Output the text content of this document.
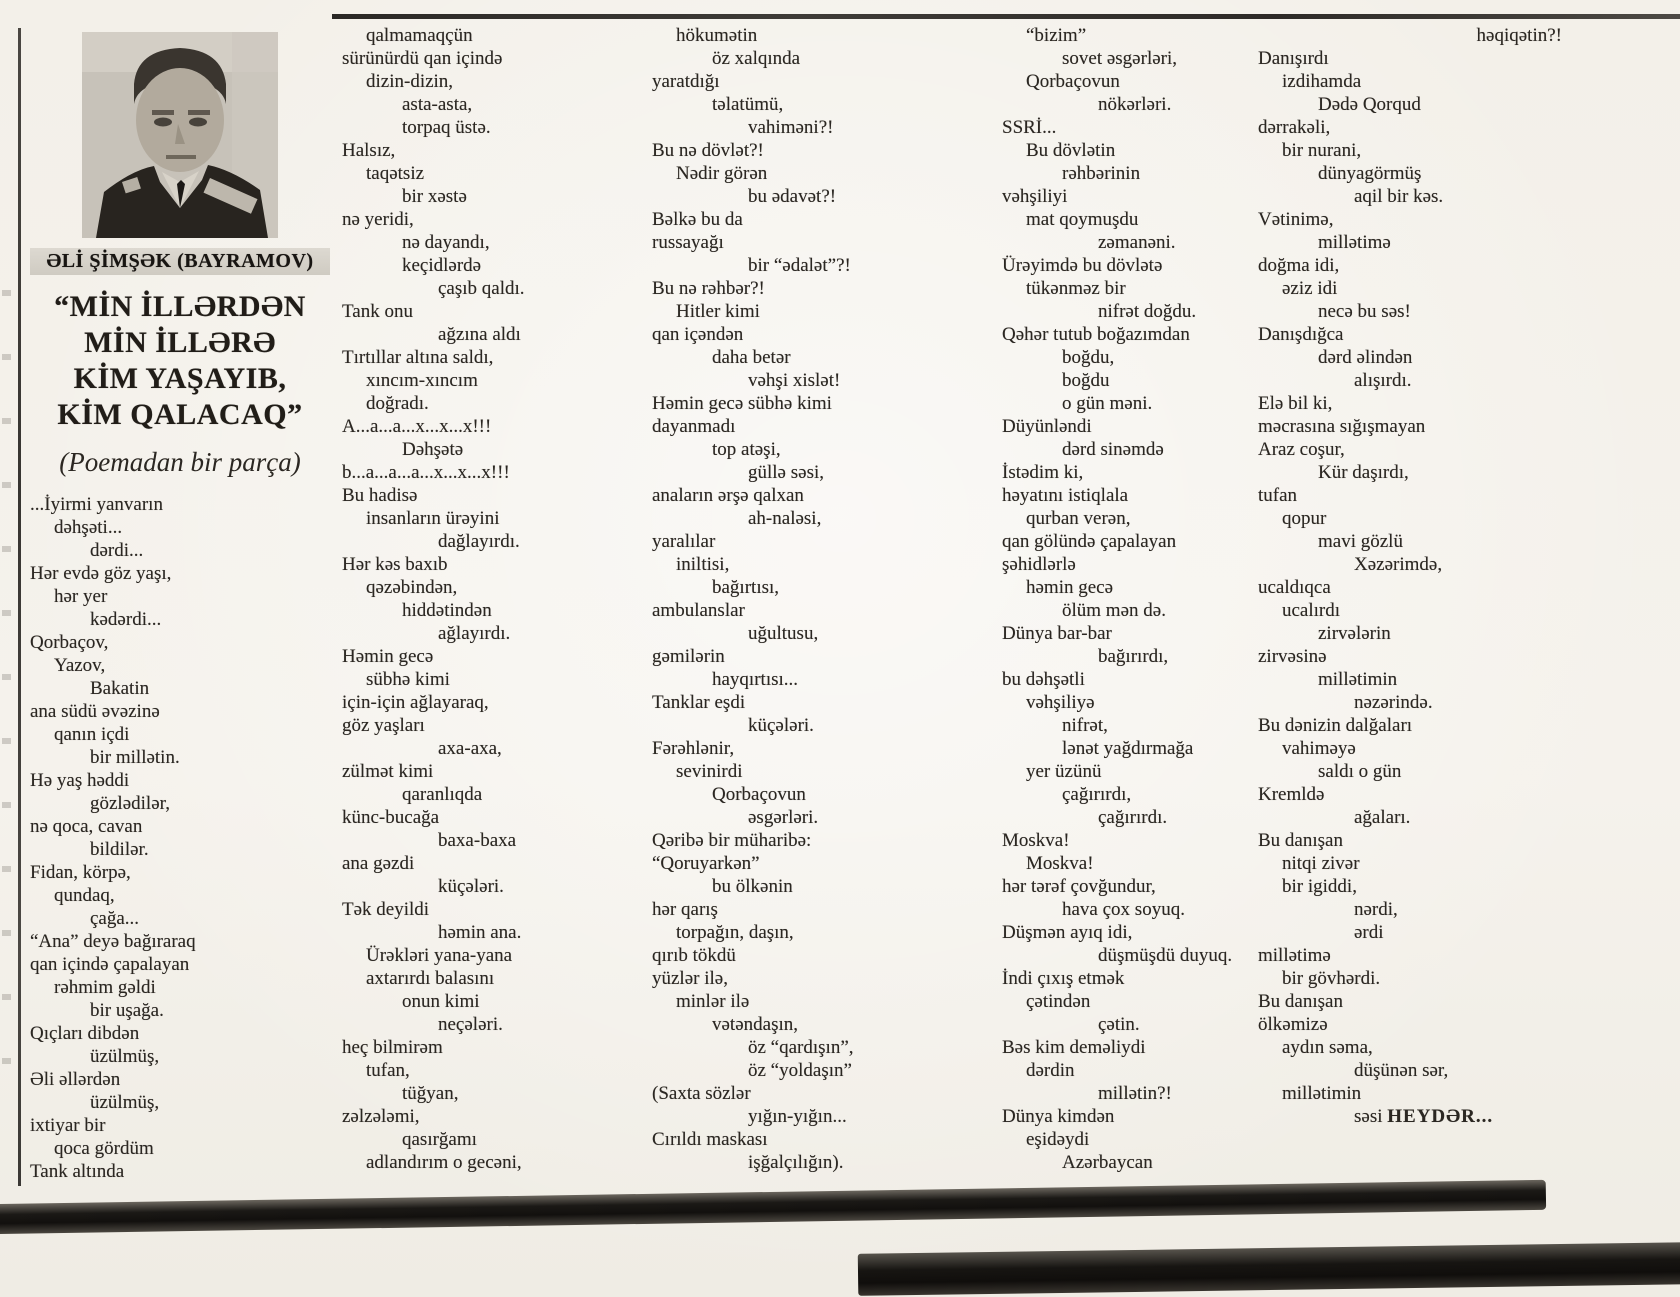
ƏLİ ŞİMŞƏK (BAYRAMOV)
“MİN İLLƏRDƏN
MİN İLLƏRƏ
KİM YAŞAYIB,
KİM QALACAQ”
(Poemadan bir parça)
...İyirmi yanvarın
dəhşəti...
dərdi...
Hər evdə göz yaşı,
hər yer
kədərdi...
Qorbaçov,
Yazov,
Bakatin
ana südü əvəzinə
qanın içdi
bir millətin.
Hə yaş həddi
gözlədilər,
nə qoca, cavan
bildilər.
Fidan, körpə,
qundaq,
çağa...
“Ana” deyə bağıraraq
qan içində çapalayan
rəhmim gəldi
bir uşağa.
Qıçları dibdən
üzülmüş,
Əli əllərdən
üzülmüş,
ixtiyar bir
qoca gördüm
Tank altında
qalmamaqçün
sürünürdü qan içində
dizin-dizin,
asta-asta,
torpaq üstə.
Halsız,
taqətsiz
bir xəstə
nə yeridi,
nə dayandı,
keçidlərdə
çaşıb qaldı.
Tank onu
ağzına aldı
Tırtıllar altına saldı,
xıncım-xıncım
doğradı.
A...a...a...x...x...x!!!
Dəhşətə
b...a...a...a...x...x...x!!!
Bu hadisə
insanların ürəyini
dağlayırdı.
Hər kəs baxıb
qəzəbindən,
hiddətindən
ağlayırdı.
Həmin gecə
sübhə kimi
için-için ağlayaraq,
göz yaşları
axa-axa,
zülmət kimi
qaranlıqda
künc-bucağa
baxa-baxa
ana gəzdi
küçələri.
Tək deyildi
həmin ana.
Ürəkləri yana-yana
axtarırdı balasını
onun kimi
neçələri.
heç bilmirəm
tufan,
tüğyan,
zəlzələmi,
qasırğamı
adlandırım o gecəni,
hökumətin
öz xalqında
yaratdığı
təlatümü,
vahiməni?!
Bu nə dövlət?!
Nədir görən
bu ədavət?!
Bəlkə bu da
russayağı
bir “ədalət”?!
Bu nə rəhbər?!
Hitler kimi
qan içəndən
daha betər
vəhşi xislət!
Həmin gecə sübhə kimi
dayanmadı
top atəşi,
güllə səsi,
anaların ərşə qalxan
ah-naləsi,
yaralılar
iniltisi,
bağırtısı,
ambulanslar
uğultusu,
gəmilərin
hayqırtısı...
Tanklar eşdi
küçələri.
Fərəhlənir,
sevinirdi
Qorbaçovun
əsgərləri.
Qəribə bir müharibə:
“Qoruyarkən”
bu ölkənin
hər qarış
torpağın, daşın,
qırıb tökdü
yüzlər ilə,
minlər ilə
vətəndaşın,
öz “qardışın”,
öz “yoldaşın”
(Saxta sözlər
yığın-yığın...
Cırıldı maskası
işğalçılığın).
“bizim”
sovet əsgərləri,
Qorbaçovun
nökərləri.
SSRİ...
Bu dövlətin
rəhbərinin
vəhşiliyi
mat qoymuşdu
zəmanəni.
Ürəyimdə bu dövlətə
tükənməz bir
nifrət doğdu.
Qəhər tutub boğazımdan
boğdu,
boğdu
o gün məni.
Düyünləndi
dərd sinəmdə
İstədim ki,
həyatını istiqlala
qurban verən,
qan gölündə çapalayan
şəhidlərlə
həmin gecə
ölüm mən də.
Dünya bar-bar
bağırırdı,
bu dəhşətli
vəhşiliyə
nifrət,
lənət yağdırmağa
yer üzünü
çağırırdı,
çağırırdı.
Moskva!
Moskva!
hər tərəf çovğundur,
hava çox soyuq.
Düşmən ayıq idi,
düşmüşdü duyuq.
İndi çıxış etmək
çətindən
çətin.
Bəs kim deməliydi
dərdin
millətin?!
Dünya kimdən
eşidəydi
Azərbaycan
həqiqətin?!
Danışırdı
izdihamda
Dədə Qorqud
dərrakəli,
bir nurani,
dünyagörmüş
aqil bir kəs.
Vətinimə,
millətimə
doğma idi,
əziz idi
necə bu səs!
Danışdığca
dərd əlindən
alışırdı.
Elə bil ki,
məcrasına sığışmayan
Araz coşur,
Kür daşırdı,
tufan
qopur
mavi gözlü
Xəzərimdə,
ucaldıqca
ucalırdı
zirvələrin
zirvəsinə
millətimin
nəzərində.
Bu dənizin dalğaları
vahiməyə
saldı o gün
Kremldə
ağaları.
Bu danışan
nitqi zivər
bir igiddi,
nərdi,
ərdi
millətimə
bir gövhərdi.
Bu danışan
ölkəmizə
aydın səma,
düşünən sər,
millətimin
səsi HEYDƏR...
